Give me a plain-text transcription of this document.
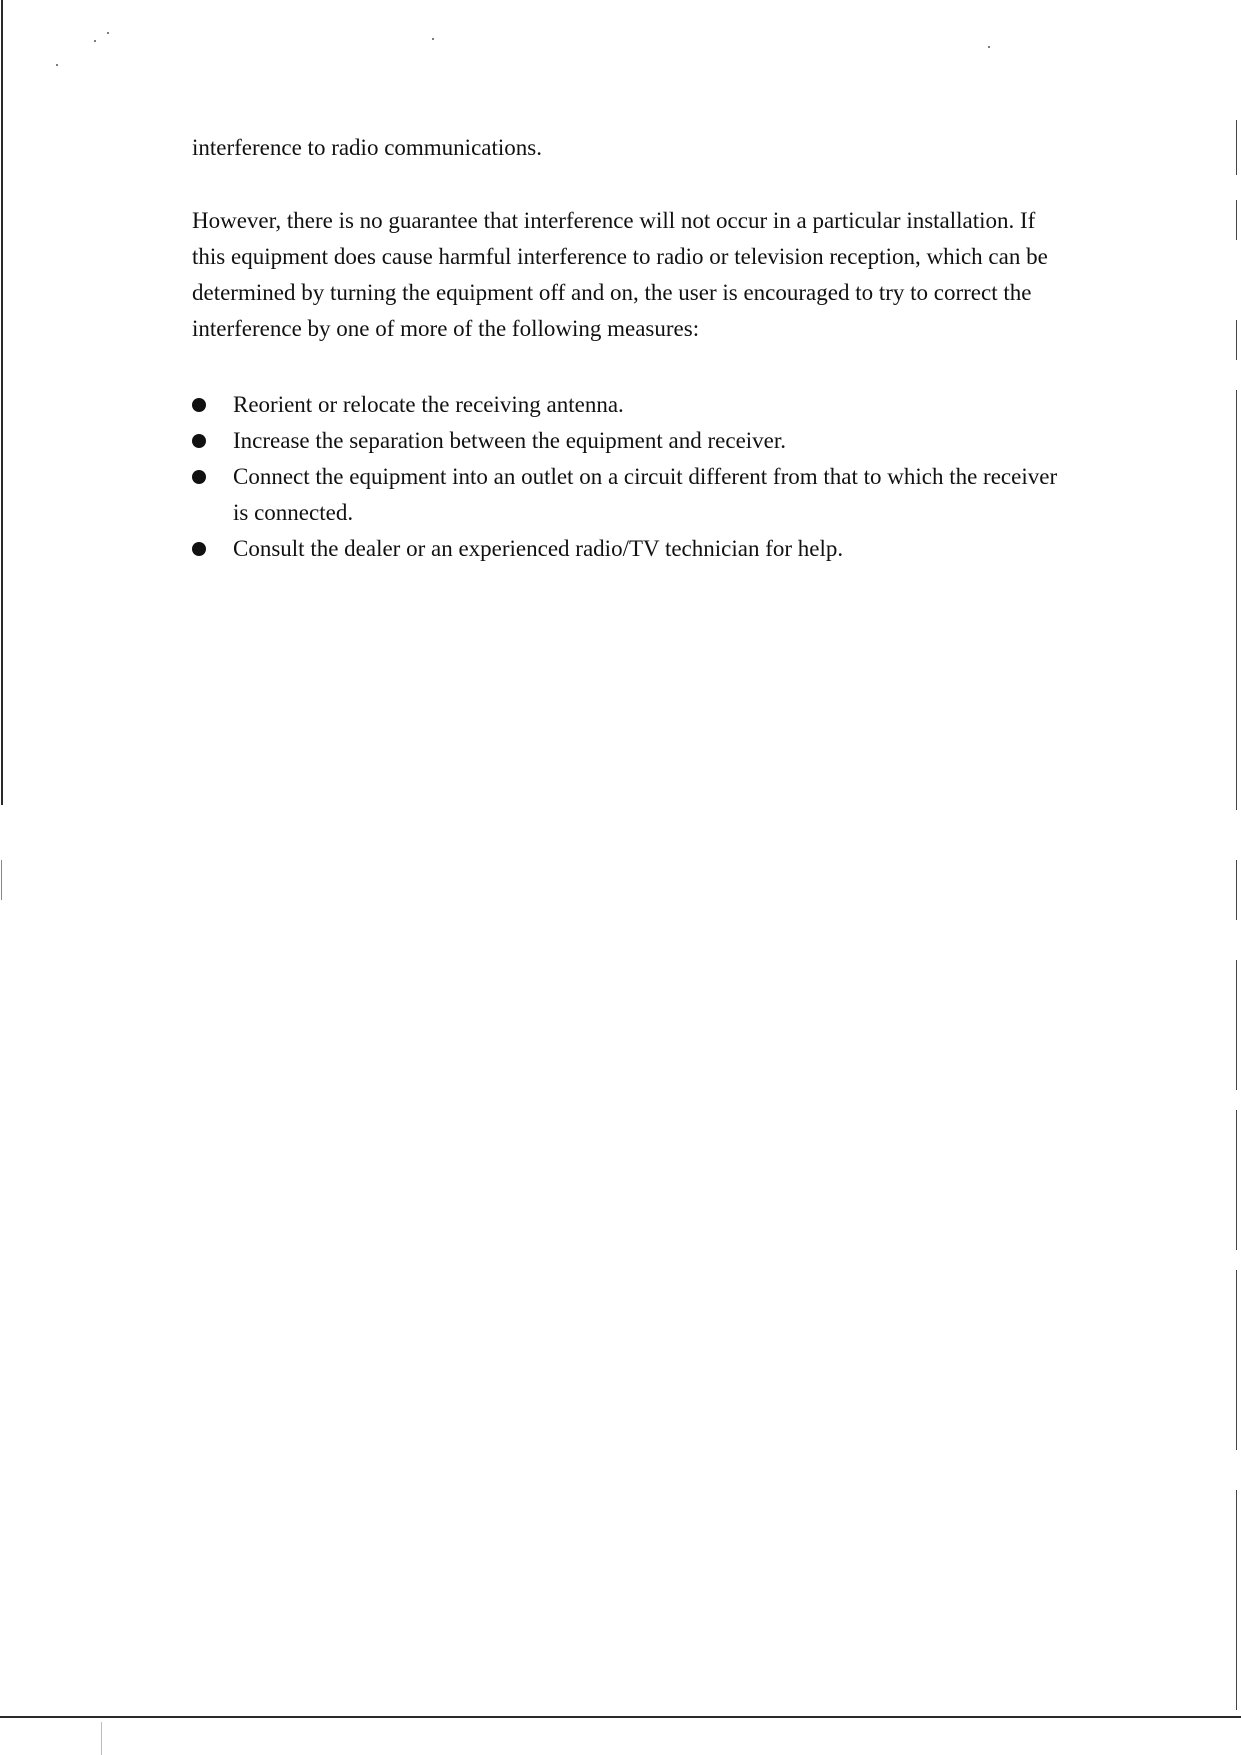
interference to radio communications.

However, there is no guarantee that interference will not occur in a particular installation. If this equipment does cause harmful interference to radio or television reception, which can be determined by turning the equipment off and on, the user is encouraged to try to correct the interference by one of more of the following measures:

Reorient or relocate the receiving antenna.
Increase the separation between the equipment and receiver.
Connect the equipment into an outlet on a circuit different from that to which the receiver is connected.
Consult the dealer or an experienced radio/TV technician for help.
